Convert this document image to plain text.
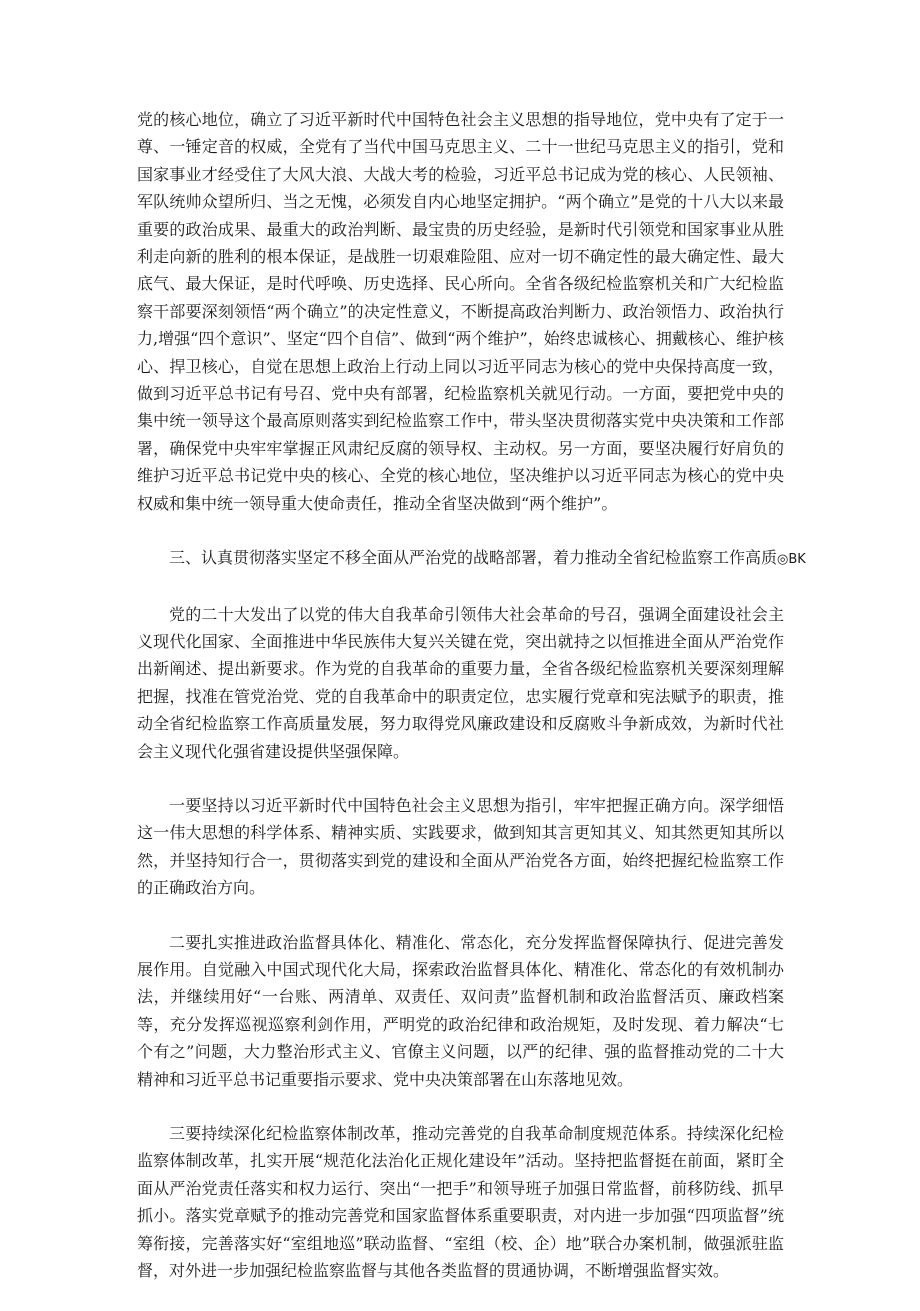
党的核心地位，确立了习近平新时代中国特色社会主义思想的指导地位，党中央有了定于一尊、一锤定音的权威，全党有了当代中国马克思主义、二十一世纪马克思主义的指引，党和国家事业才经受住了大风大浪、大战大考的检验，习近平总书记成为党的核心、人民领袖、军队统帅众望所归、当之无愧，必须发自内心地坚定拥护。“两个确立”是党的十八大以来最重要的政治成果、最重大的政治判断、最宝贵的历史经验，是新时代引领党和国家事业从胜利走向新的胜利的根本保证，是战胜一切艰难险阻、应对一切不确定性的最大确定性、最大底气、最大保证，是时代呼唤、历史选择、民心所向。全省各级纪检监察机关和广大纪检监察干部要深刻领悟“两个确立”的决定性意义，不断提高政治判断力、政治领悟力、政治执行力,增强“四个意识”、坚定“四个自信”、做到“两个维护”，始终忠诚核心、拥戴核心、维护核心、捍卫核心，自觉在思想上政治上行动上同以习近平同志为核心的党中央保持高度一致，做到习近平总书记有号召、党中央有部署，纪检监察机关就见行动。一方面，要把党中央的集中统一领导这个最高原则落实到纪检监察工作中，带头坚决贯彻落实党中央决策和工作部署，确保党中央牢牢掌握正风肃纪反腐的领导权、主动权。另一方面，要坚决履行好肩负的维护习近平总书记党中央的核心、全党的核心地位，坚决维护以习近平同志为核心的党中央权威和集中统一领导重大使命责任，推动全省坚决做到“两个维护”。

三、认真贯彻落实坚定不移全面从严治党的战略部署，着力推动全省纪检监察工作高质◎BK

党的二十大发出了以党的伟大自我革命引领伟大社会革命的号召，强调全面建设社会主义现代化国家、全面推进中华民族伟大复兴关键在党，突出就持之以恒推进全面从严治党作出新阐述、提出新要求。作为党的自我革命的重要力量，全省各级纪检监察机关要深刻理解把握，找准在管党治党、党的自我革命中的职责定位，忠实履行党章和宪法赋予的职责，推动全省纪检监察工作高质量发展，努力取得党风廉政建设和反腐败斗争新成效，为新时代社会主义现代化强省建设提供坚强保障。

一要坚持以习近平新时代中国特色社会主义思想为指引，牢牢把握正确方向。深学细悟这一伟大思想的科学体系、精神实质、实践要求，做到知其言更知其义、知其然更知其所以然，并坚持知行合一，贯彻落实到党的建设和全面从严治党各方面，始终把握纪检监察工作的正确政治方向。

二要扎实推进政治监督具体化、精准化、常态化，充分发挥监督保障执行、促进完善发展作用。自觉融入中国式现代化大局，探索政治监督具体化、精准化、常态化的有效机制办法，并继续用好“一台账、两清单、双责任、双问责”监督机制和政治监督活页、廉政档案等，充分发挥巡视巡察利剑作用，严明党的政治纪律和政治规矩，及时发现、着力解决“七个有之”问题，大力整治形式主义、官僚主义问题，以严的纪律、强的监督推动党的二十大精神和习近平总书记重要指示要求、党中央决策部署在山东落地见效。

三要持续深化纪检监察体制改革，推动完善党的自我革命制度规范体系。持续深化纪检监察体制改革，扎实开展“规范化法治化正规化建设年”活动。坚持把监督挺在前面，紧盯全面从严治党责任落实和权力运行、突出“一把手”和领导班子加强日常监督，前移防线、抓早抓小。落实党章赋予的推动完善党和国家监督体系重要职责，对内进一步加强“四项监督”统筹衔接，完善落实好“室组地巡”联动监督、“室组（校、企）地”联合办案机制，做强派驻监督，对外进一步加强纪检监察监督与其他各类监督的贯通协调，不断增强监督实效。
